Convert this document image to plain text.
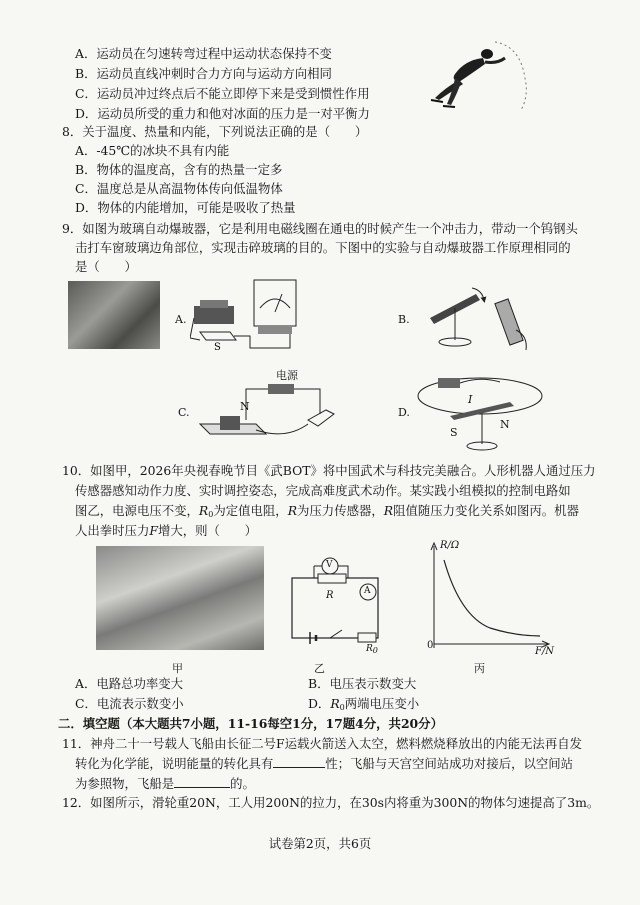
A．运动员在匀速转弯过程中运动状态保持不变
B．运动员直线冲刺时合力方向与运动方向相同
C．运动员冲过终点后不能立即停下来是受到惯性作用
D．运动员所受的重力和他对冰面的压力是一对平衡力
8．关于温度、热量和内能，下列说法正确的是（　　）
A．-45℃的冰块不具有内能
B．物体的温度高，含有的热量一定多
C．温度总是从高温物体传向低温物体
D．物体的内能增加，可能是吸收了热量
9．如图为玻璃自动爆玻器，它是利用电磁线圈在通电的时候产生一个冲击力，带动一个钨钢头
击打车窗玻璃边角部位，实现击碎玻璃的目的。下图中的实验与自动爆玻器工作原理相同的
是（　　）
A.
S
B.
C.
电源
N	D.
S
N
I
10．如图甲，2026年央视春晚节目《武BOT》将中国武术与科技完美融合。人形机器人通过压力
传感器感知动作力度、实时调控姿态，完成高难度武术动作。某实践小组模拟的控制电路如
图乙，电源电压不变，$R_0$为定值电阻，R为压力传感器，R阻值随压力变化关系如图丙。机器
人出拳时压力F增大，则（　　）
甲
V
A
R
R0
乙
R/Ω
0
F/N
丙
A．电路总功率变大	B．电压表示数变大
C．电流表示数变小	D．$R_0$两端电压变小
二．填空题（本大题共7小题，11-16每空1分，17题4分，共20分）
11．神舟二十一号载人飞船由长征二号F运载火箭送入太空，燃料燃烧释放出的内能无法再自发
转化为化学能，说明能量的转化具有	性；飞船与天宫空间站成功对接后，以空间站
为参照物，飞船是	的。
12．如图所示，滑轮重20N，工人用200N的拉力，在30s内将重为300N的物体匀速提高了3m。
试卷第2页，共6页
